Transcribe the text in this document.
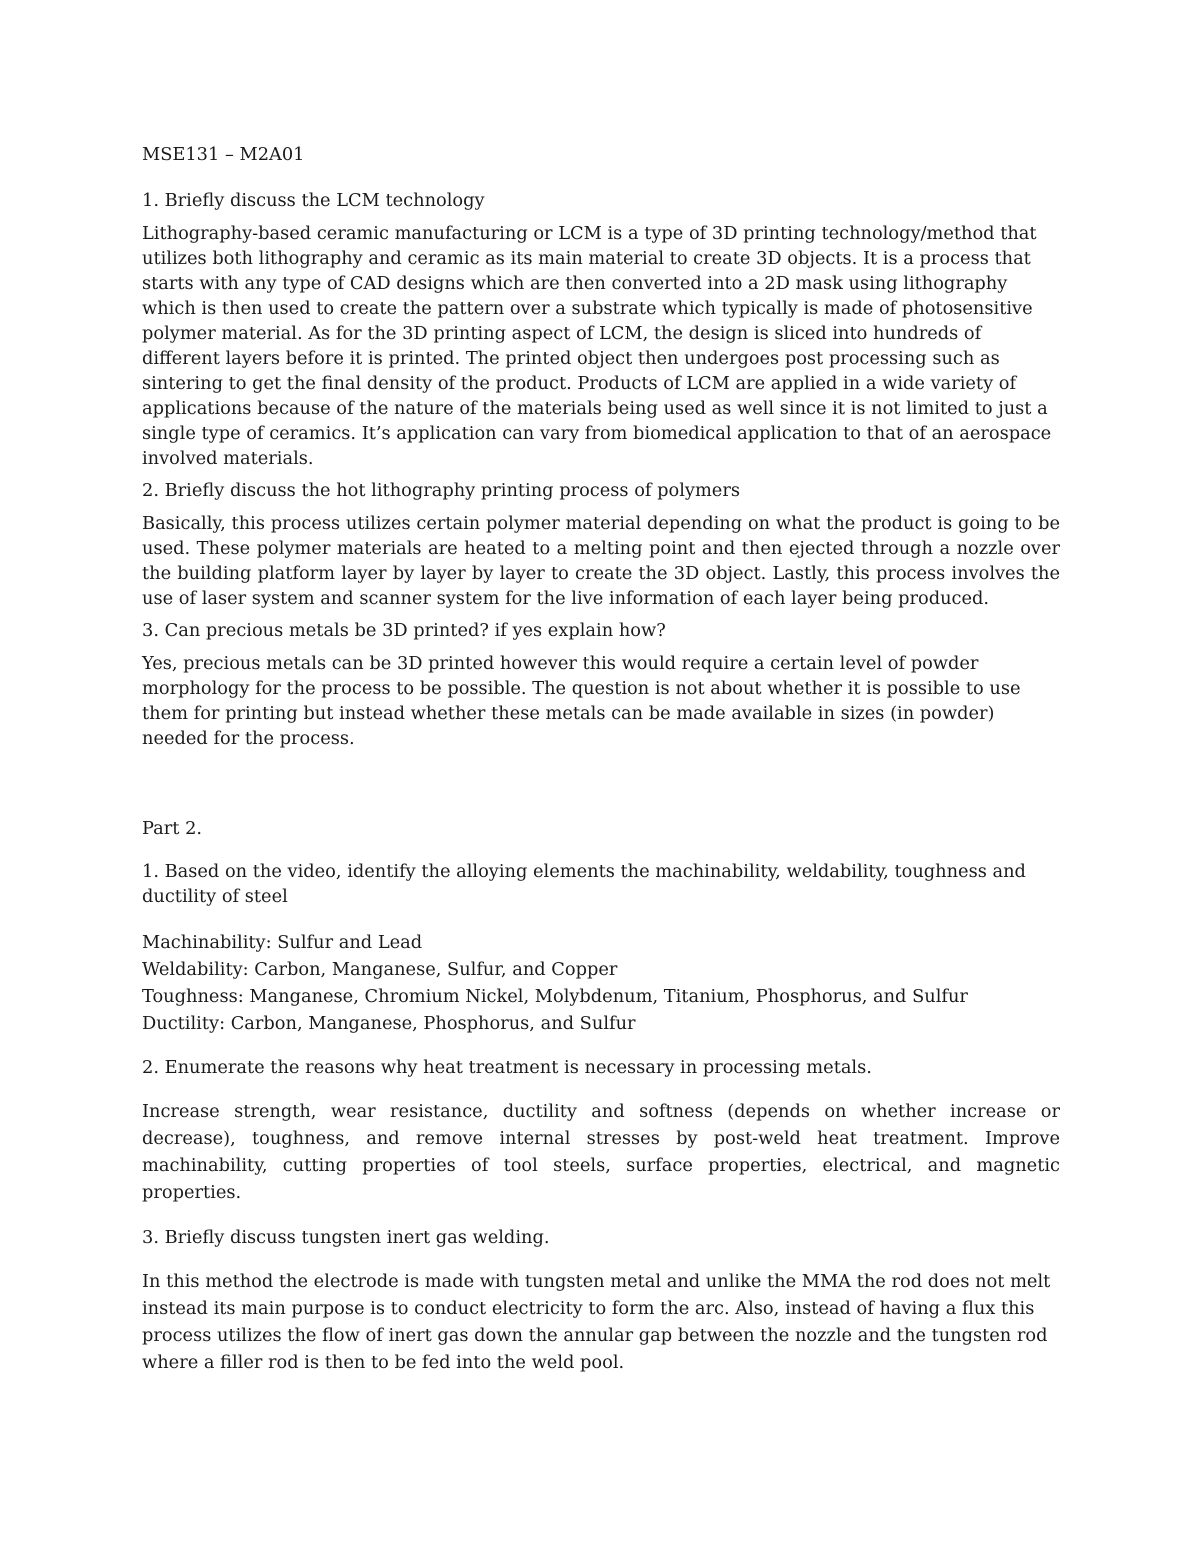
MSE131 – M2A01

1. Briefly discuss the LCM technology

Lithography-based ceramic manufacturing or LCM is a type of 3D printing technology/method that utilizes both lithography and ceramic as its main material to create 3D objects. It is a process that starts with any type of CAD designs which are then converted into a 2D mask using lithography which is then used to create the pattern over a substrate which typically is made of photosensitive polymer material. As for the 3D printing aspect of LCM, the design is sliced into hundreds of different layers before it is printed. The printed object then undergoes post processing such as sintering to get the final density of the product. Products of LCM are applied in a wide variety of applications because of the nature of the materials being used as well since it is not limited to just a single type of ceramics. It’s application can vary from biomedical application to that of an aerospace involved materials.

2. Briefly discuss the hot lithography printing process of polymers

Basically, this process utilizes certain polymer material depending on what the product is going to be used. These polymer materials are heated to a melting point and then ejected through a nozzle over the building platform layer by layer by layer to create the 3D object. Lastly, this process involves the use of laser system and scanner system for the live information of each layer being produced.

3. Can precious metals be 3D printed? if yes explain how?

Yes, precious metals can be 3D printed however this would require a certain level of powder morphology for the process to be possible. The question is not about whether it is possible to use them for printing but instead whether these metals can be made available in sizes (in powder) needed for the process.

Part 2.

1. Based on the video, identify the alloying elements the machinability, weldability, toughness and ductility of steel

Machinability: Sulfur and Lead
Weldability: Carbon, Manganese, Sulfur, and Copper
Toughness: Manganese, Chromium Nickel, Molybdenum, Titanium, Phosphorus, and Sulfur
Ductility: Carbon, Manganese, Phosphorus, and Sulfur

2. Enumerate the reasons why heat treatment is necessary in processing metals.

Increase strength, wear resistance, ductility and softness (depends on whether increase or decrease), toughness, and remove internal stresses by post-weld heat treatment. Improve machinability, cutting properties of tool steels, surface properties, electrical, and magnetic properties.

3. Briefly discuss tungsten inert gas welding.

In this method the electrode is made with tungsten metal and unlike the MMA the rod does not melt instead its main purpose is to conduct electricity to form the arc. Also, instead of having a flux this process utilizes the flow of inert gas down the annular gap between the nozzle and the tungsten rod where a filler rod is then to be fed into the weld pool.
